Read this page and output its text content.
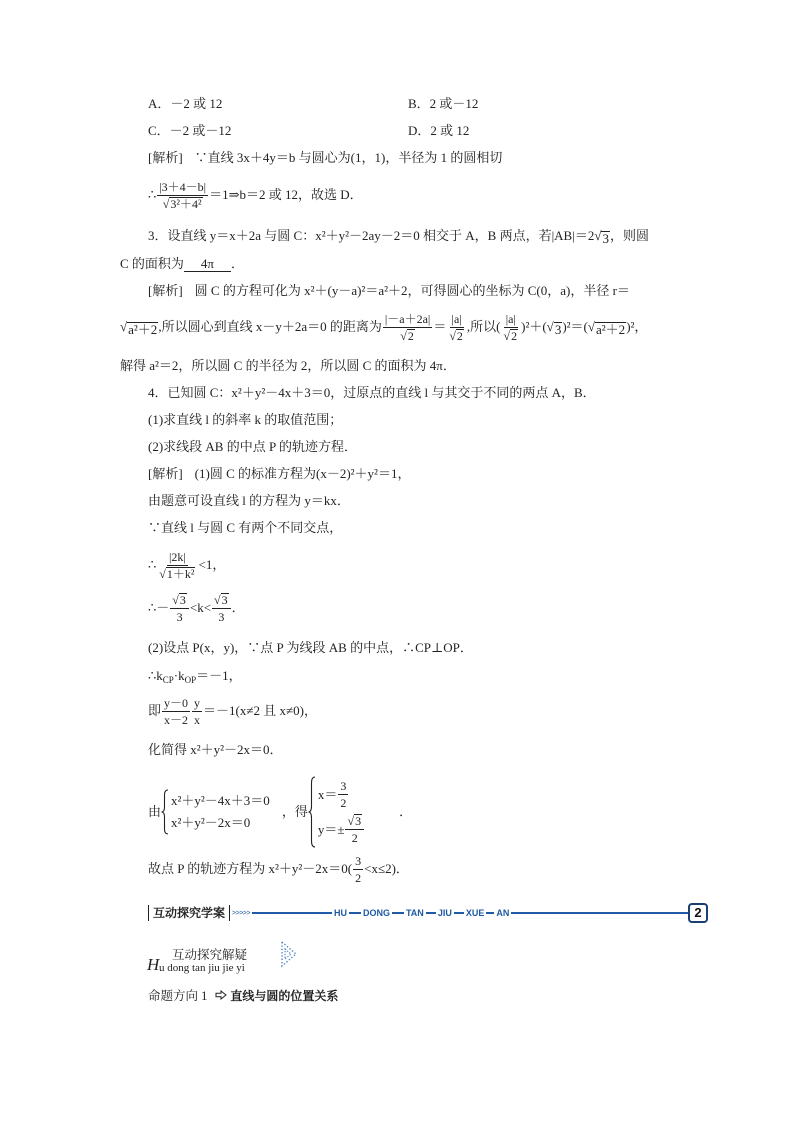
A．－2 或 12	B．2 或－12
C．－2 或－12	D．2 或 12
[解析] ∵直线 3x＋4y＝b 与圆心为(1，1)，半径为 1 的圆相切
∴ $\frac{|3+4-b|}{\text{√ 3²＋4²}}$ ＝1⇒b＝2 或 12，故选 D．
3．设直线 y＝x＋2a 与圆 C：x²＋y²－2ay－2＝0 相交于 A，B 两点，若|AB|＝2 √ 3 ，则圆
C 的面积为 4π ．
[解析] 圆 C 的方程可化为 x²＋(y－a)²＝a²＋2，可得圆心的坐标为 C(0，a)，半径 r＝
√ a²＋2 ,所以圆心到直线 x－y＋2a＝0 的距离为 $\frac{|-a+2a|}{√ 2} = \frac{|a|}{√ 2}$ ,所以( $\frac{|a|}{√ 2} )^2+$( √ 3 )²＝( √ a²＋2 )²，
解得 a²＝2，所以圆 C 的半径为 2，所以圆 C 的面积为 4π．
4．已知圆 C：x²＋y²－4x＋3＝0，过原点的直线 l 与其交于不同的两点 A，B．
(1)求直线 l 的斜率 k 的取值范围；
(2)求线段 AB 的中点 P 的轨迹方程．
[解析] (1)圆 C 的标准方程为(x－2)²＋y²＝1，
由题意可设直线 l 的方程为 y＝kx．
∵直线 l 与圆 C 有两个不同交点，
∴ $\frac{|2k|}{\text{√ 1＋k²}} <1$，
∴－ $\frac{√ 3}{3} <k< \frac{√ 3}{3}$ ．
(2)设点 P(x，y)，∵点 P 为线段 AB 的中点，∴CP⊥OP．
$\therefore k_{CP}\cdot k_{OP}=-1$，
即 $\frac{y-0}{x-2} \frac{y}{x} =-1(x\ne 2$ 且 x≠0)，
化简得 x²＋y²－2x＝0．
由
x²＋y²－4x＋3＝0
x²＋y²－2x＝0
，得
$x= \frac{3}{2}$
$y=\pm \frac{√ 3}{2}$
．
故点 P 的轨迹方程为 $x^2+y^2-2x=0( \frac{3}{2} <x\le 2)$．
互动探究学案	>>>>>	HU DONG TAN JIU XUE AN	2
互动探究解疑
H u dong tan jiu jie yi
命题方向 1 直线与圆的位置关系
